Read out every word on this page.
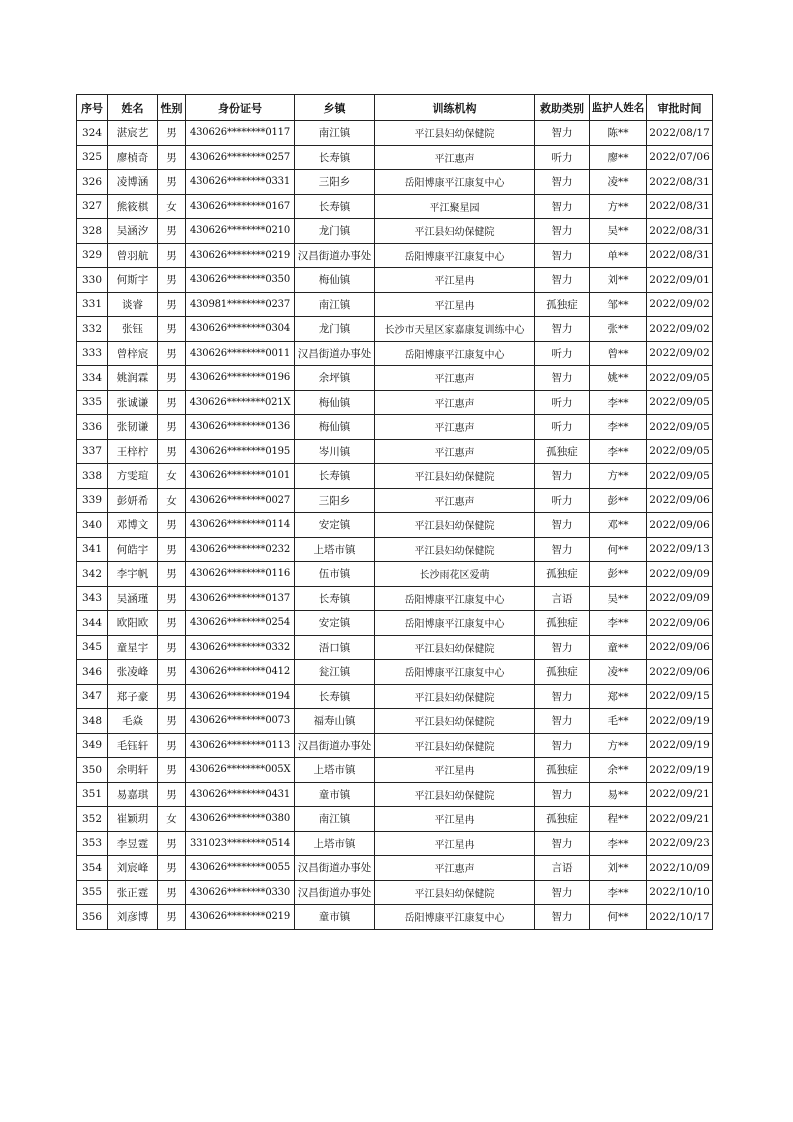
序号	姓名	性别	身份证号	乡镇	训练机构	救助类别	监护人姓名	审批时间
324	湛宸艺	男	430626********0117	南江镇	平江县妇幼保健院	智力	陈**	2022/08/17
325	廖楨奇	男	430626********0257	长寿镇	平江惠声	听力	廖**	2022/07/06
326	凌博涵	男	430626********0331	三阳乡	岳阳博康平江康复中心	智力	凌**	2022/08/31
327	熊筱棋	女	430626********0167	长寿镇	平江聚星园	智力	方**	2022/08/31
328	吴涵汐	男	430626********0210	龙门镇	平江县妇幼保健院	智力	吴**	2022/08/31
329	曾羽航	男	430626********0219	汉昌街道办事处	岳阳博康平江康复中心	智力	单**	2022/08/31
330	何斯宇	男	430626********0350	梅仙镇	平江星冉	智力	刘**	2022/09/01
331	谈睿	男	430981********0237	南江镇	平江星冉	孤独症	邹**	2022/09/02
332	张钰	男	430626********0304	龙门镇	长沙市天星区家嘉康复训练中心	智力	张**	2022/09/02
333	曾梓宸	男	430626********0011	汉昌街道办事处	岳阳博康平江康复中心	听力	曾**	2022/09/02
334	姚润霖	男	430626********0196	余坪镇	平江惠声	智力	姚**	2022/09/05
335	张诚谦	男	430626********021X	梅仙镇	平江惠声	听力	李**	2022/09/05
336	张韧谦	男	430626********0136	梅仙镇	平江惠声	听力	李**	2022/09/05
337	王梓柠	男	430626********0195	岑川镇	平江惠声	孤独症	李**	2022/09/05
338	方雯瑄	女	430626********0101	长寿镇	平江县妇幼保健院	智力	方**	2022/09/05
339	彭妍希	女	430626********0027	三阳乡	平江惠声	听力	彭**	2022/09/06
340	邓博文	男	430626********0114	安定镇	平江县妇幼保健院	智力	邓**	2022/09/06
341	何皓宇	男	430626********0232	上塔市镇	平江县妇幼保健院	智力	何**	2022/09/13
342	李宇帆	男	430626********0116	伍市镇	长沙雨花区爱萌	孤独症	彭**	2022/09/09
343	吴涵瑾	男	430626********0137	长寿镇	岳阳博康平江康复中心	言语	吴**	2022/09/09
344	欧阳欧	男	430626********0254	安定镇	岳阳博康平江康复中心	孤独症	李**	2022/09/06
345	童星宇	男	430626********0332	浯口镇	平江县妇幼保健院	智力	童**	2022/09/06
346	张凌峰	男	430626********0412	瓮江镇	岳阳博康平江康复中心	孤独症	凌**	2022/09/06
347	郑子豪	男	430626********0194	长寿镇	平江县妇幼保健院	智力	郑**	2022/09/15
348	毛焱	男	430626********0073	福寿山镇	平江县妇幼保健院	智力	毛**	2022/09/19
349	毛钰轩	男	430626********0113	汉昌街道办事处	平江县妇幼保健院	智力	方**	2022/09/19
350	余明轩	男	430626********005X	上塔市镇	平江星冉	孤独症	余**	2022/09/19
351	易嘉琪	男	430626********0431	童市镇	平江县妇幼保健院	智力	易**	2022/09/21
352	崔颖玥	女	430626********0380	南江镇	平江星冉	孤独症	程**	2022/09/21
353	李昱霆	男	331023********0514	上塔市镇	平江星冉	智力	李**	2022/09/23
354	刘宸峰	男	430626********0055	汉昌街道办事处	平江惠声	言语	刘**	2022/10/09
355	张正霆	男	430626********0330	汉昌街道办事处	平江县妇幼保健院	智力	李**	2022/10/10
356	刘彦博	男	430626********0219	童市镇	岳阳博康平江康复中心	智力	何**	2022/10/17
